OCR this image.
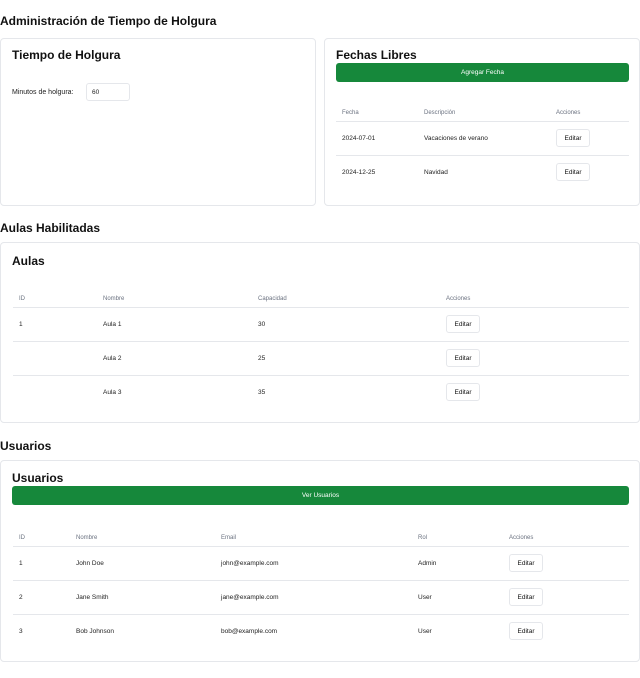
Administración de Tiempo de Holgura
Tiempo de Holgura
Minutos de holgura:
60
Fechas Libres
Agregar Fecha
Fecha	Descripción	Acciones
2024-07-01	Vacaciones de verano	Editar
2024-12-25	Navidad	Editar
Aulas Habilitadas
Aulas
ID	Nombre	Capacidad	Acciones
1	Aula 1	30	Editar
	Aula 2	25	Editar
	Aula 3	35	Editar
Usuarios
Usuarios
Ver Usuarios
ID	Nombre	Email	Rol	Acciones
1	John Doe	john@example.com	Admin	Editar
2	Jane Smith	jane@example.com	User	Editar
3	Bob Johnson	bob@example.com	User	Editar
